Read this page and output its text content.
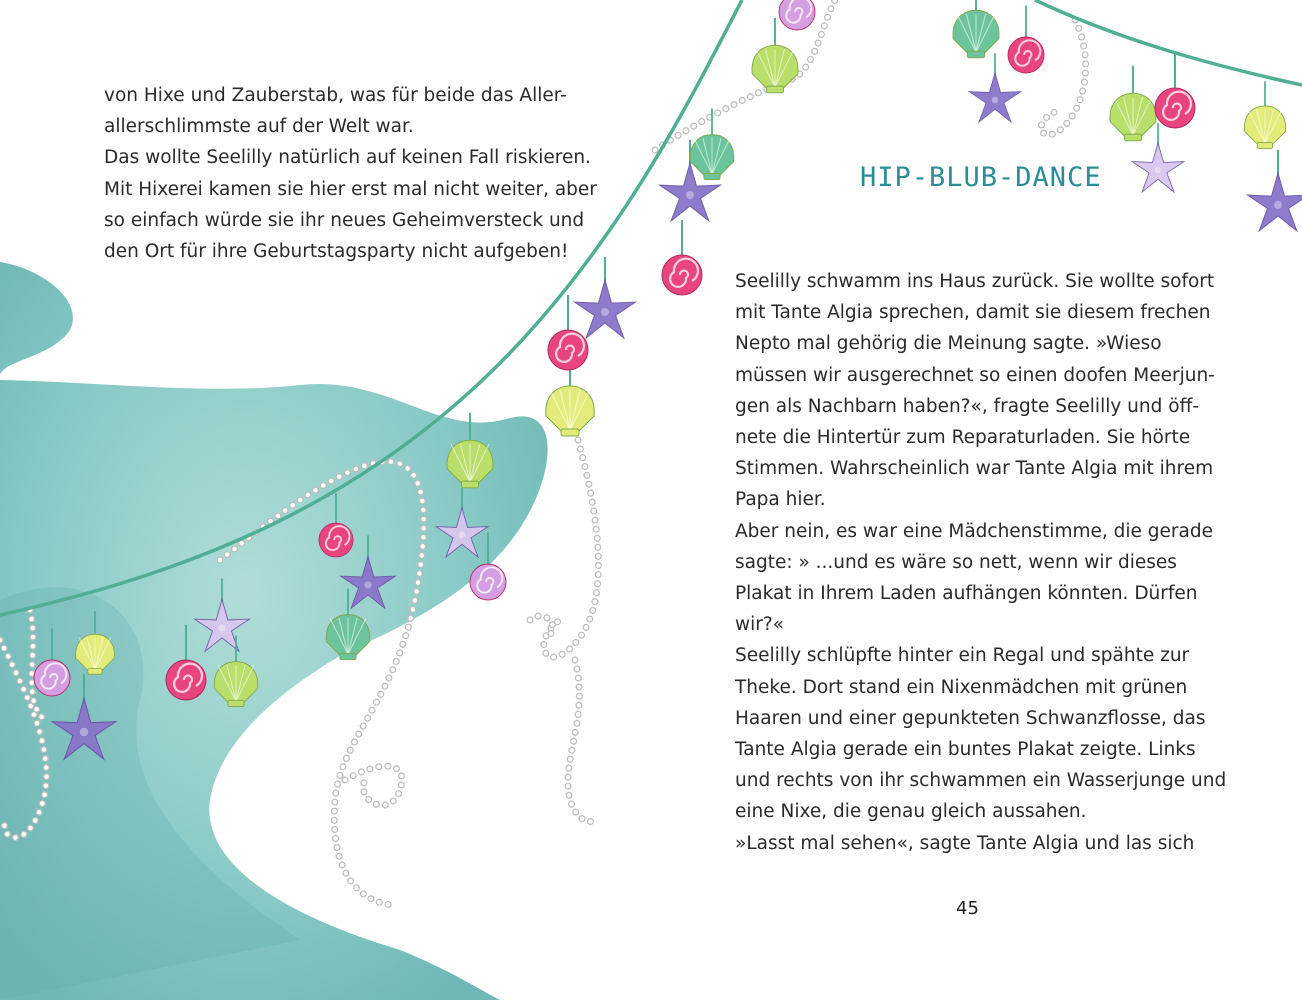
von Hixe und Zauberstab, was für beide das Aller-
allerschlimmste auf der Welt war.
Das wollte Seelilly natürlich auf keinen Fall riskieren.
Mit Hixerei kamen sie hier erst mal nicht weiter, aber
so einfach würde sie ihr neues Geheimversteck und
den Ort für ihre Geburtstagsparty nicht aufgeben!
HIP-BLUB-DANCE
Seelilly schwamm ins Haus zurück. Sie wollte sofort
mit Tante Algia sprechen, damit sie diesem frechen
Nepto mal gehörig die Meinung sagte. »Wieso
müssen wir ausgerechnet so einen doofen Meerjun-
gen als Nachbarn haben?«, fragte Seelilly und öff-
nete die Hintertür zum Reparaturladen. Sie hörte
Stimmen. Wahrscheinlich war Tante Algia mit ihrem
Papa hier.
Aber nein, es war eine Mädchenstimme, die gerade
sagte: » ...und es wäre so nett, wenn wir dieses
Plakat in Ihrem Laden aufhängen könnten. Dürfen
wir?«
Seelilly schlüpfte hinter ein Regal und spähte zur
Theke. Dort stand ein Nixenmädchen mit grünen
Haaren und einer gepunkteten Schwanzflosse, das
Tante Algia gerade ein buntes Plakat zeigte. Links
und rechts von ihr schwammen ein Wasserjunge und
eine Nixe, die genau gleich aussahen.
»Lasst mal sehen«, sagte Tante Algia und las sich
45
